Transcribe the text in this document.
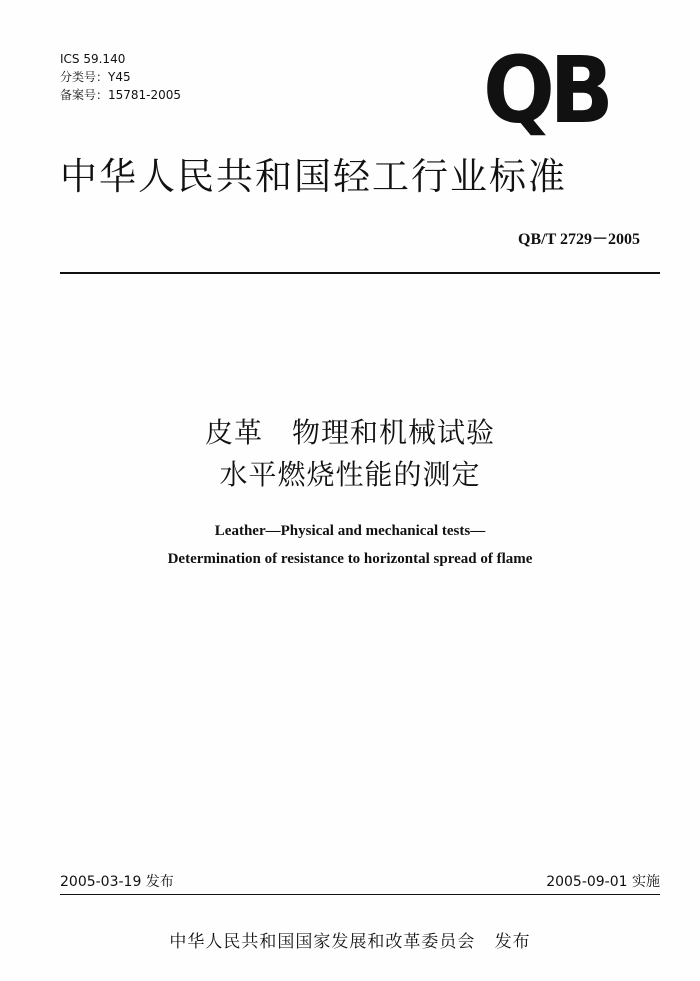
ICS 59.140
分类号：Y45
备案号：15781-2005	QB
中华人民共和国轻工行业标准
QB/T 2729－2005
皮革　物理和机械试验
水平燃烧性能的测定
Leather—Physical and mechanical tests—
Determination of resistance to horizontal spread of flame
2005-03-19 发布	2005-09-01 实施
中华人民共和国国家发展和改革委员会   发布
